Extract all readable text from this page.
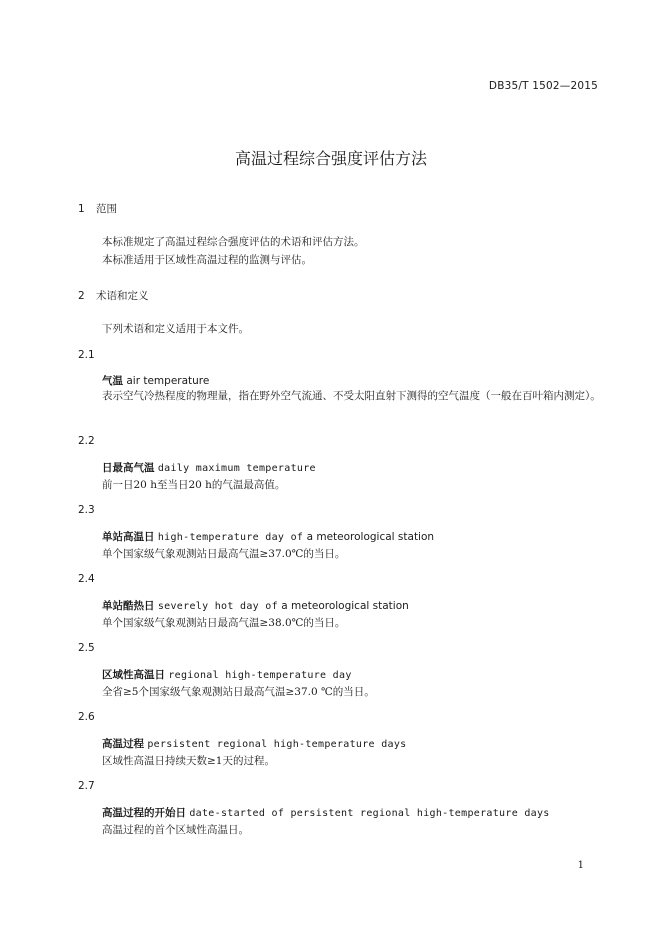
DB35/T 1502—2015
高温过程综合强度评估方法
1 范围
本标准规定了高温过程综合强度评估的术语和评估方法。
本标准适用于区域性高温过程的监测与评估。
2 术语和定义
下列术语和定义适用于本文件。
2.1
气温 air temperature
表示空气冷热程度的物理量，指在野外空气流通、不受太阳直射下测得的空气温度（一般在百叶箱内测定）。
2.2
日最高气温 daily maximum temperature
前一日20 h至当日20 h的气温最高值。
2.3
单站高温日 high-temperature day of a meteorological station
单个国家级气象观测站日最高气温≥37.0℃的当日。
2.4
单站酷热日 severely hot day of a meteorological station
单个国家级气象观测站日最高气温≥38.0℃的当日。
2.5
区域性高温日 regional high-temperature day
全省≥5个国家级气象观测站日最高气温≥37.0 ℃的当日。
2.6
高温过程 persistent regional high-temperature days
区域性高温日持续天数≥1天的过程。
2.7
高温过程的开始日 date-started of persistent regional high-temperature days
高温过程的首个区域性高温日。
1
